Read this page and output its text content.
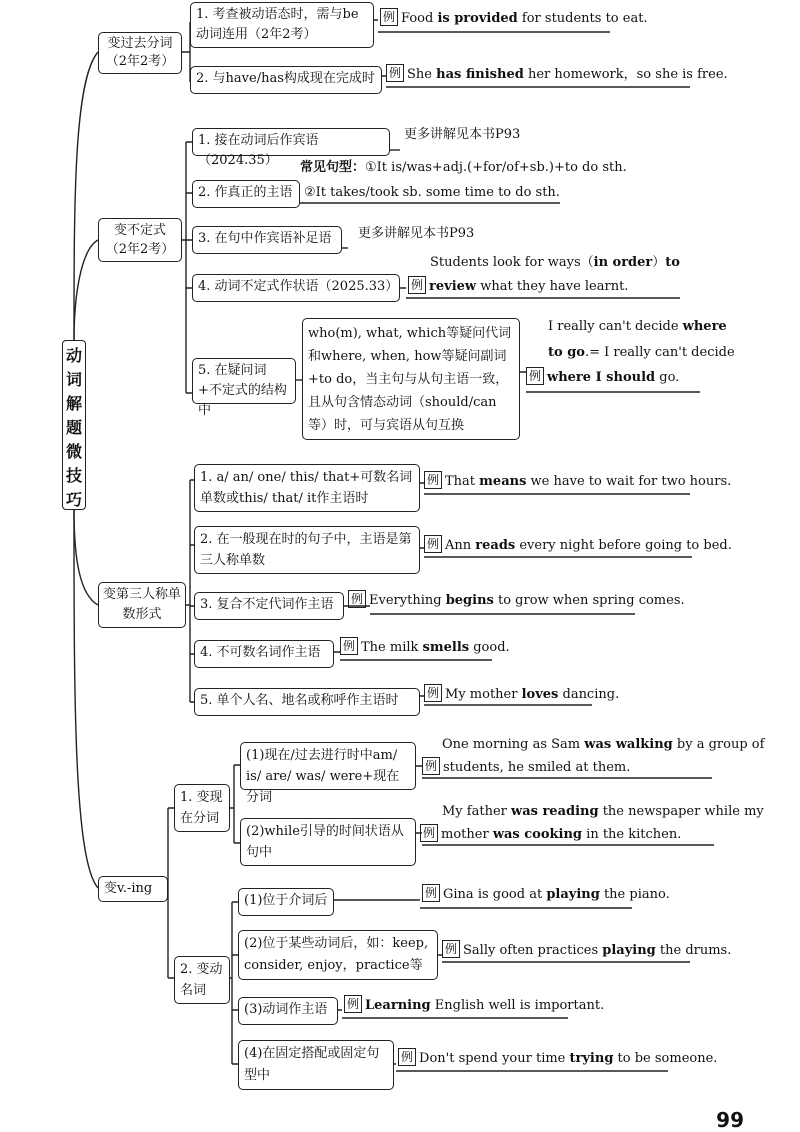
动
词
解
题
微
技
巧
变过去分词
（2年2考）
1. 考查被动语态时，需与be动词连用（2年2考）
例 Food is provided for students to eat.
2. 与have/has构成现在完成时	例 She has finished her homework，so she is free.
变不定式
（2年2考）
1. 接在动词后作宾语（2024.35）
更多讲解见本书P93
常见句型：①It is/was+adj.(+for/of+sb.)+to do sth.
2. 作真正的主语 ②It takes/took sb. some time to do sth.
3. 在句中作宾语补足语	更多讲解见本书P93
Students look for ways（in order）to
4. 动词不定式作状语（2025.33） 例 review what they have learnt.
5. 在疑问词+不定式的结构中
who(m), what, which等疑问代词和where, when, how等疑问副词+to do，当主句与从句主语一致，且从句含情态动词（should/can等）时，可与宾语从句互换
I really can't decide where
to go.= I really can't decide
例 where I should go.
变第三人称单数形式
1. a/ an/ one/ this/ that+可数名词单数或this/ that/ it作主语时
例 That means we have to wait for two hours.
2. 在一般现在时的句子中，主语是第三人称单数
例 Ann reads every night before going to bed.
3. 复合不定代词作主语	例 Everything begins to grow when spring comes.
4. 不可数名词作主语	例 The milk smells good.
5. 单个人名、地名或称呼作主语时	例 My mother loves dancing.
变v.-ing
1. 变现在分词
(1)现在/过去进行时中am/ is/ are/ was/ were+现在分词
One morning as Sam was walking by a group of
例 students, he smiled at them.
(2)while引导的时间状语从句中
My father was reading the newspaper while my
例 mother was cooking in the kitchen.
2. 变动名词
(1)位于介词后	例 Gina is good at playing the piano.
(2)位于某些动词后，如：keep, consider, enjoy，practice等
例 Sally often practices playing the drums.
(3)动词作主语	例 Learning English well is important.
(4)在固定搭配或固定句型中
例 Don't spend your time trying to be someone.
99
